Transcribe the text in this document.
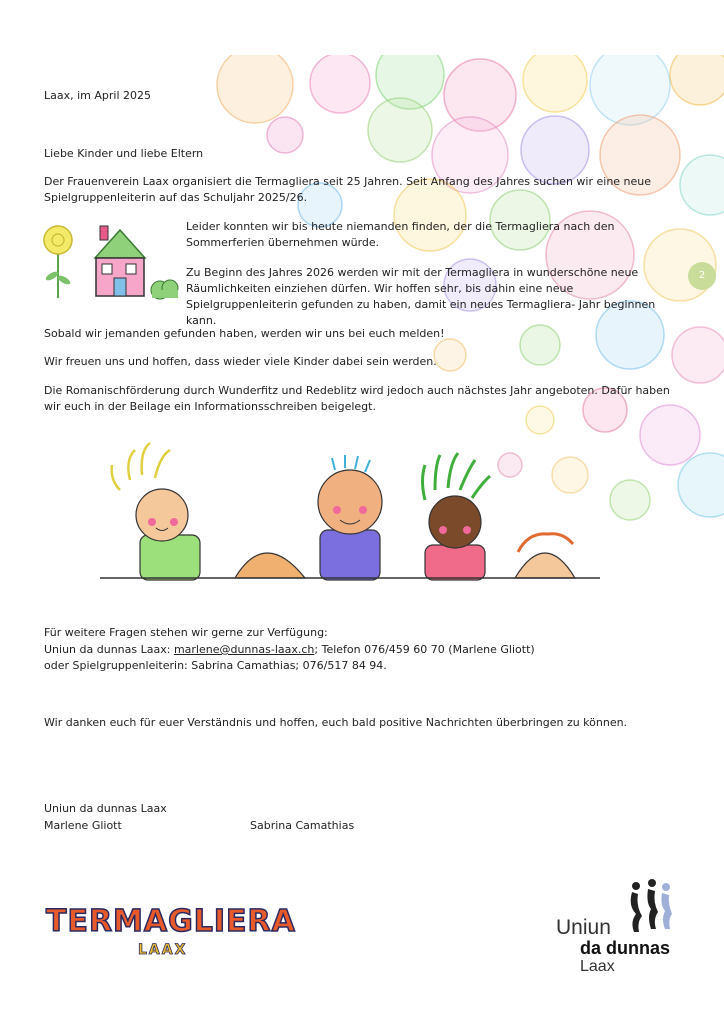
2

Laax, im April 2025

Liebe Kinder und liebe Eltern

Der Frauenverein Laax organisiert die Termagliera seit 25 Jahren. Seit Anfang des Jahres suchen wir eine neue Spielgruppenleiterin auf das Schuljahr 2025/26.

Leider konnten wir bis heute niemanden finden, der die Termagliera nach den Sommerferien übernehmen würde.

Zu Beginn des Jahres 2026 werden wir mit der Termagliera in wunderschöne neue Räumlichkeiten einziehen dürfen. Wir hoffen sehr, bis dahin eine neue Spielgruppenleiterin gefunden zu haben, damit ein neues Termagliera- Jahr beginnen kann.

Sobald wir jemanden gefunden haben, werden wir uns bei euch melden!

Wir freuen uns und hoffen, dass wieder viele Kinder dabei sein werden.

Die Romanischförderung durch Wunderfitz und Redeblitz wird jedoch auch nächstes Jahr angeboten. Dafür haben wir euch in der Beilage ein Informationsschreiben beigelegt.

Für weitere Fragen stehen wir gerne zur Verfügung:

Uniun da dunnas Laax: marlene@dunnas-laax.ch; Telefon 076/459 60 70 (Marlene Gliott)

oder Spielgruppenleiterin: Sabrina Camathias; 076/517 84 94.

Wir danken euch für euer Verständnis und hoffen, euch bald positive Nachrichten überbringen zu können.

Uniun da dunnas Laax

Marlene Gliott	Sabrina Camathias

TERMAGLIERA
LAAX
Uniun
da dunnas
Laax
